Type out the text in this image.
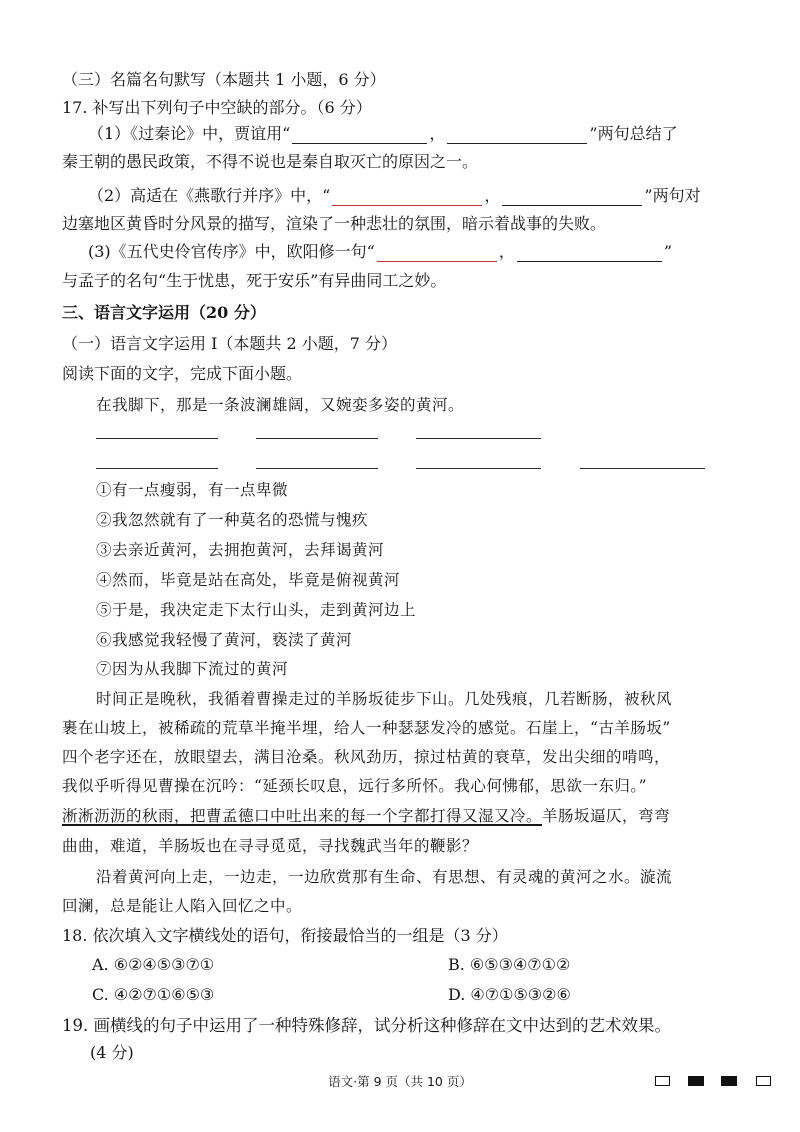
（三）名篇名句默写（本题共 1 小题，6 分）
17. 补写出下列句子中空缺的部分。（6 分）
（1）《过秦论》中，贾谊用“	，	”两句总结了
秦王朝的愚民政策，不得不说也是秦自取灭亡的原因之一。
（2）高适在《燕歌行并序》中，“	，	”两句对
边塞地区黄昏时分风景的描写，渲染了一种悲壮的氛围，暗示着战事的失败。
(3)《五代史伶官传序》中，欧阳修一句“	，	”
与孟子的名句“生于忧患，死于安乐”有异曲同工之妙。
三、语言文字运用（20 分）
（一）语言文字运用 I（本题共 2 小题，7 分）
阅读下面的文字，完成下面小题。
在我脚下，那是一条波澜雄阔，又婉娈多姿的黄河。
①有一点瘦弱，有一点卑微
②我忽然就有了一种莫名的恐慌与愧疚
③去亲近黄河，去拥抱黄河，去拜谒黄河
④然而，毕竟是站在高处，毕竟是俯视黄河
⑤于是，我决定走下太行山头，走到黄河边上
⑥我感觉我轻慢了黄河，亵渎了黄河
⑦因为从我脚下流过的黄河
时间正是晚秋，我循着曹操走过的羊肠坂徒步下山。几处残痕，几若断肠，被秋风
裹在山坡上，被稀疏的荒草半掩半埋，给人一种瑟瑟发冷的感觉。石崖上，“古羊肠坂”
四个老字还在，放眼望去，满目沧桑。秋风劲历，掠过枯黄的衰草，发出尖细的啃鸣，
我似乎听得见曹操在沉吟：“延颈长叹息，远行多所怀。我心何怫郁，思欲一东归。”
淅淅沥沥的秋雨，把曹孟德口中吐出来的每一个字都打得又湿又冷。羊肠坂逼仄，弯弯
曲曲，难道，羊肠坂也在寻寻觅觅，寻找魏武当年的鞭影？
沿着黄河向上走，一边走，一边欣赏那有生命、有思想、有灵魂的黄河之水。漩流
回澜，总是能让人陷入回忆之中。
18. 依次填入文字横线处的语句，衔接最恰当的一组是（3 分）
A. ⑥②④⑤③⑦①	B. ⑥⑤③④⑦①②
C. ④②⑦①⑥⑤③	D. ④⑦①⑤③②⑥
19. 画横线的句子中运用了一种特殊修辞，试分析这种修辞在文中达到的艺术效果。
(4 分)
语文·第 9 页（共 10 页）
